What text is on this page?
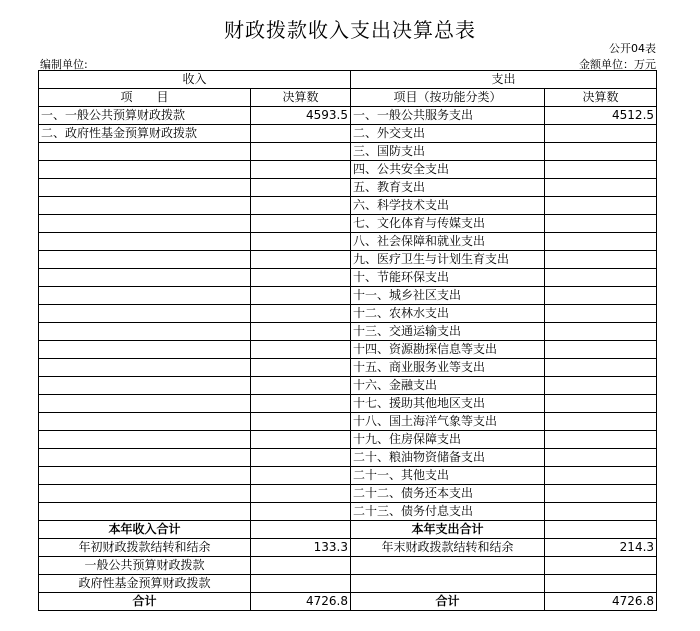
财政拨款收入支出决算总表
公开04表
编制单位:	金额单位：万元
收入		支出	
项　　目	决算数	项目（按功能分类）	决算数
一、一般公共预算财政拨款	4593.5	一、一般公共服务支出	4512.5
二、政府性基金预算财政拨款		二、外交支出	
		三、国防支出	
		四、公共安全支出	
		五、教育支出	
		六、科学技术支出	
		七、文化体育与传媒支出	
		八、社会保障和就业支出	
		九、医疗卫生与计划生育支出	
		十、节能环保支出	
		十一、城乡社区支出	
		十二、农林水支出	
		十三、交通运输支出	
		十四、资源勘探信息等支出	
		十五、商业服务业等支出	
		十六、金融支出	
		十七、援助其他地区支出	
		十八、国土海洋气象等支出	
		十九、住房保障支出	
		二十、粮油物资储备支出	
		二十一、其他支出	
		二十二、债务还本支出	
		二十三、债务付息支出	
本年收入合计		本年支出合计	
年初财政拨款结转和结余	133.3	年末财政拨款结转和结余	214.3
一般公共预算财政拨款			
政府性基金预算财政拨款			
合计	4726.8	合计	4726.8
